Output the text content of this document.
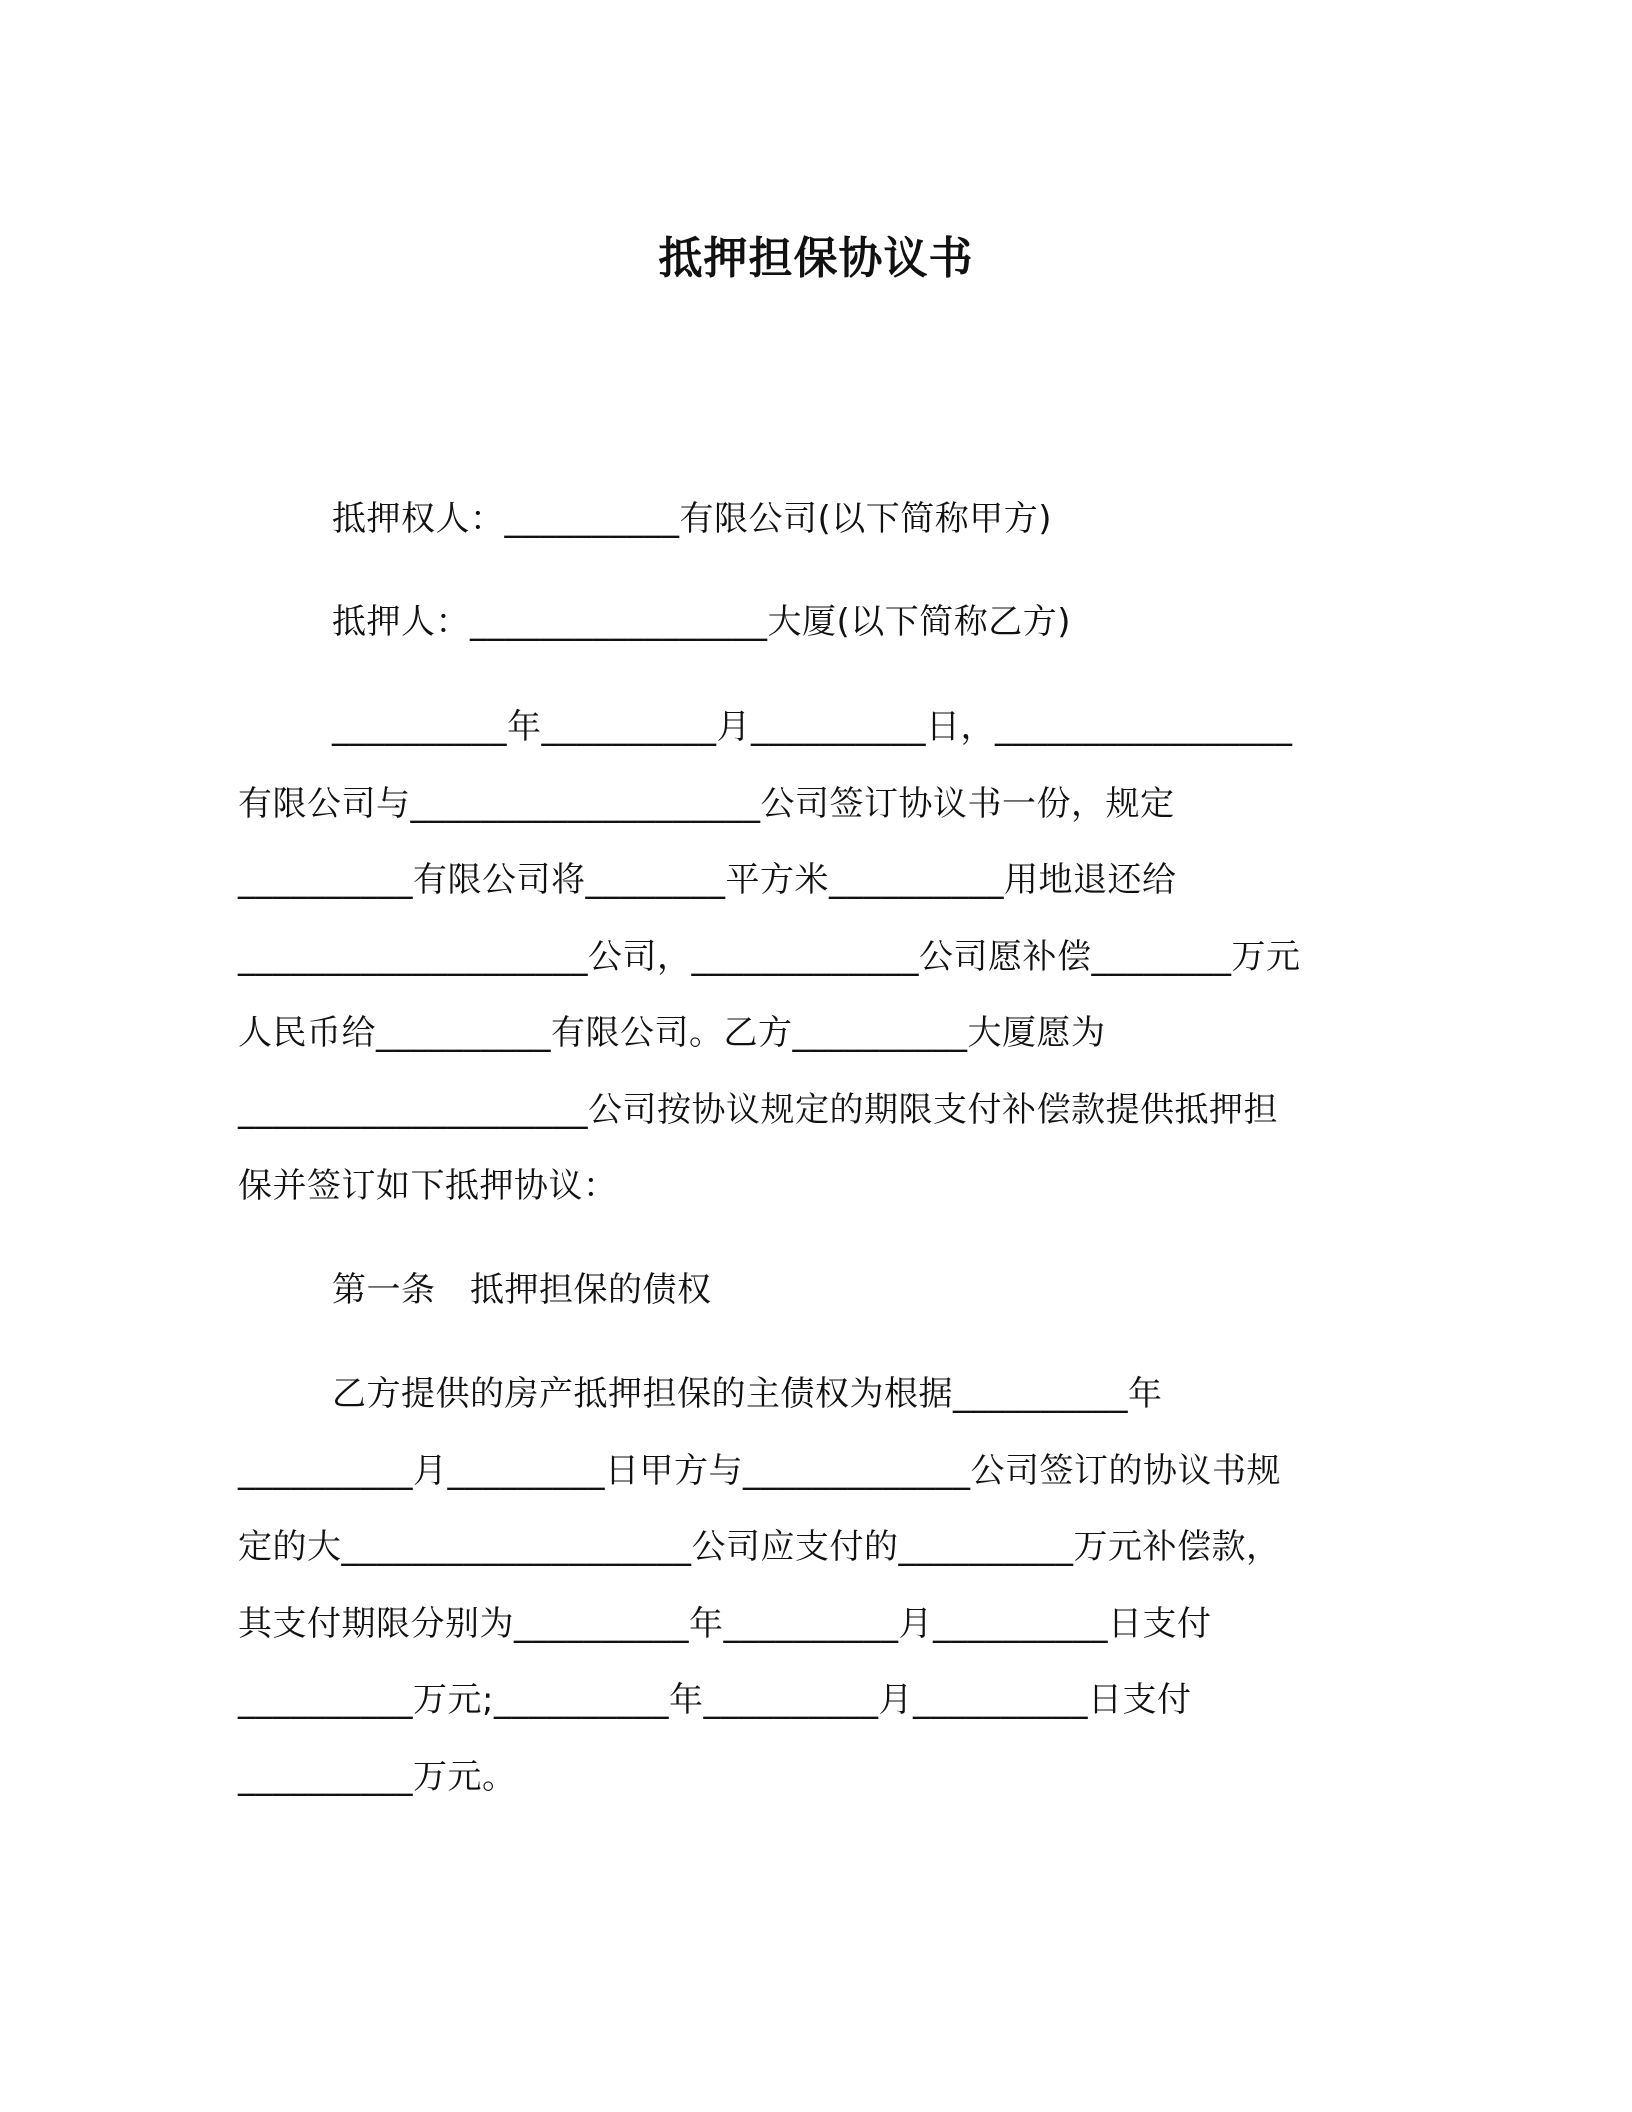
抵押担保协议书
抵押权人：__________有限公司(以下简称甲方)
抵押人：_________________大厦(以下简称乙方)
__________年__________月__________日，_________________
有限公司与____________________公司签订协议书一份，规定
__________有限公司将________平方米__________用地退还给
____________________公司，_____________公司愿补偿________万元
人民币给__________有限公司。乙方__________大厦愿为
____________________公司按协议规定的期限支付补偿款提供抵押担
保并签订如下抵押协议：
第一条　抵押担保的债权
乙方提供的房产抵押担保的主债权为根据__________年
__________月_________日甲方与_____________公司签订的协议书规
定的大____________________公司应支付的__________万元补偿款，
其支付期限分别为__________年__________月__________日支付
__________万元;__________年__________月__________日支付
__________万元。
